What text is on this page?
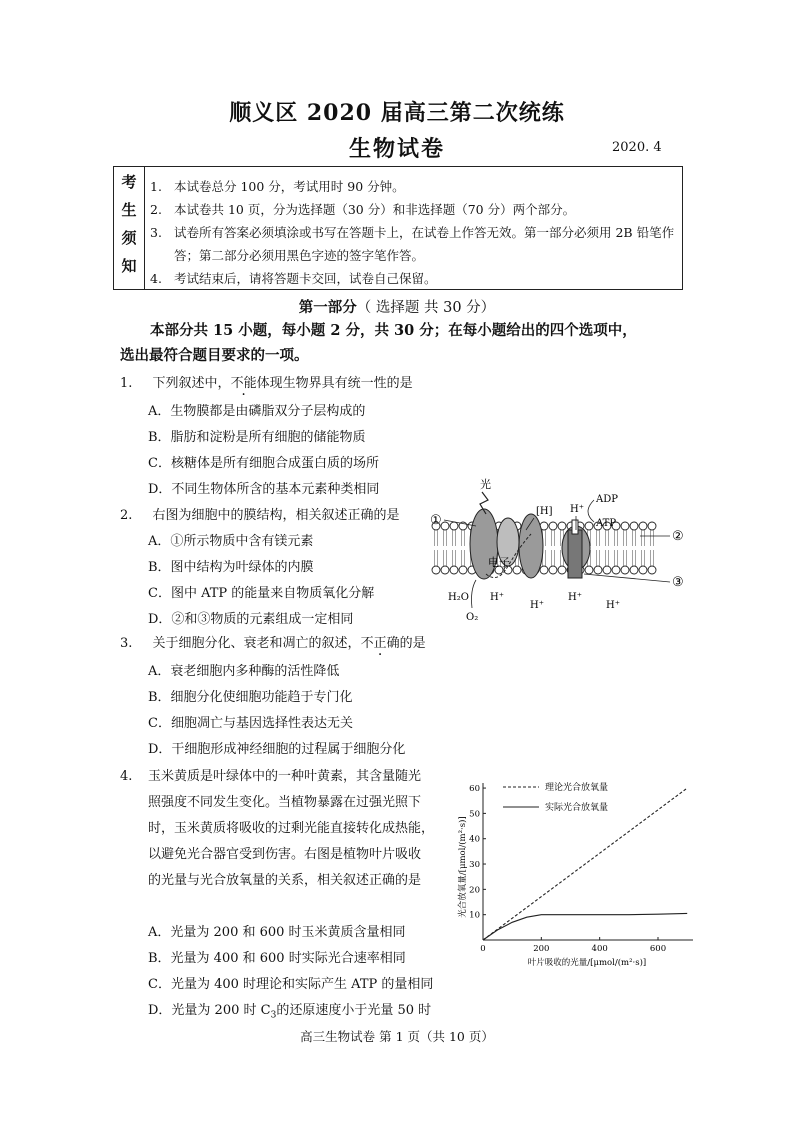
顺义区 2020 届高三第二次统练
生物试卷	2020. 4
考
生
须
知
1. 本试卷总分 100 分，考试用时 90 分钟。
2. 本试卷共 10 页，分为选择题（30 分）和非选择题（70 分）两个部分。
3. 试卷所有答案必须填涂或书写在答题卡上，在试卷上作答无效。第一部分必须用 2B 铅笔作答；第二部分必须用黑色字迹的签字笔作答。
4. 考试结束后，请将答题卡交回，试卷自己保留。
第一部分（ 选择题 共 30 分）
本部分共 15 小题，每小题 2 分，共 30 分；在每小题给出的四个选项中，
选出最符合题目要求的一项。
1. 下列叙述中，不能体现生物界具有统一性的是
A．生物膜都是由磷脂双分子层构成的
B．脂肪和淀粉是所有细胞的储能物质
C．核糖体是所有细胞合成蛋白质的场所
D．不同生物体所含的基本元素种类相同
2. 右图为细胞中的膜结构，相关叙述正确的是
A．①所示物质中含有镁元素
B．图中结构为叶绿体的内膜
C．图中 ATP 的能量来自物质氧化分解
D．②和③物质的元素组成一定相同
光
[H] H⁺
ADP
ATP
电子
H₂O
O₂
H⁺
H⁺
H⁺
H⁺
①
②
③
3. 关于细胞分化、衰老和凋亡的叙述，不正确的是
A．衰老细胞内多种酶的活性降低
B．细胞分化使细胞功能趋于专门化
C．细胞凋亡与基因选择性表达无关
D．干细胞形成神经细胞的过程属于细胞分化
4. 玉米黄质是叶绿体中的一种叶黄素，其含量随光
照强度不同发生变化。当植物暴露在过强光照下
时，玉米黄质将吸收的过剩光能直接转化成热能，
以避免光合器官受到伤害。右图是植物叶片吸收
的光量与光合放氧量的关系，相关叙述正确的是
A．光量为 200 和 600 时玉米黄质含量相同
B．光量为 400 和 600 时实际光合速率相同
C．光量为 400 时理论和实际产生 ATP 的量相同
D．光量为 200 时 $C_3$的还原速度小于光量 50 时
0	200	400	600
10
20
30
40
50
60	理论光合放氧量
实际光合放氧量
叶片吸收的光量/[μmol/(m²·s)]
光合放氧量/[μmol/(m²·s)]
高三生物试卷 第 1 页（共 10 页）
